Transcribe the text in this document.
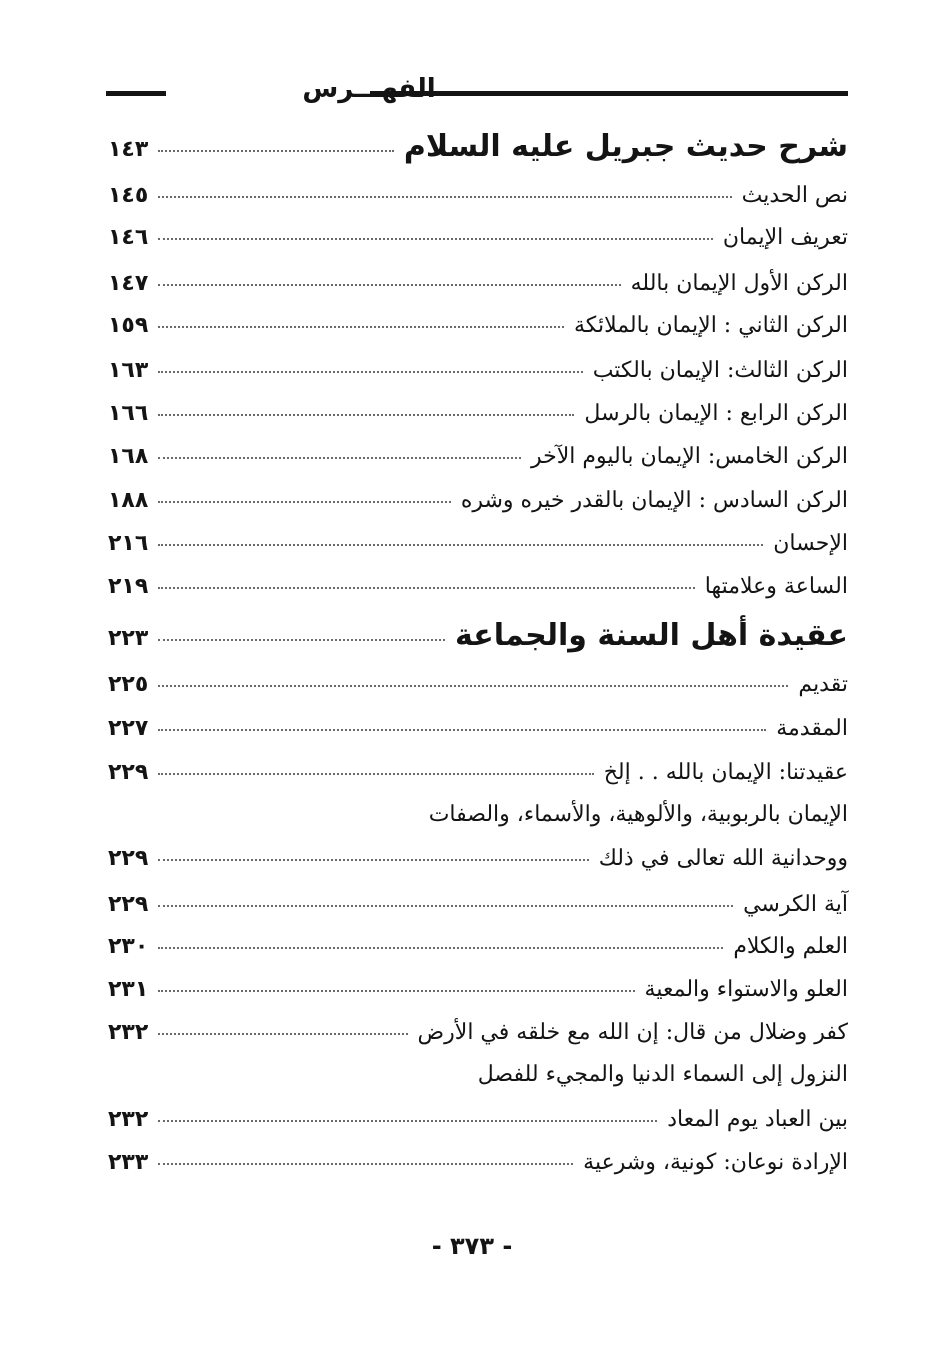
الفهـــرس
شرح حديث جبريل عليه السلام
١٤٣
نص الحديث
١٤٥
تعريف الإيمان
١٤٦
الركن الأول الإيمان بالله
١٤٧
الركن الثاني : الإيمان بالملائكة
١٥٩
الركن الثالث: الإيمان بالكتب
١٦٣
الركن الرابع : الإيمان بالرسل
١٦٦
الركن الخامس: الإيمان باليوم الآخر
١٦٨
الركن السادس : الإيمان بالقدر خيره وشره
١٨٨
الإحسان
٢١٦
الساعة وعلامتها
٢١٩
عقيدة أهل السنة والجماعة
٢٢٣
تقديم
٢٢٥
المقدمة
٢٢٧
عقيدتنا: الإيمان بالله . . إلخ
٢٢٩
الإيمان بالربوبية، والألوهية، والأسماء، والصفات
ووحدانية الله تعالى في ذلك
٢٢٩
آية الكرسي
٢٢٩
العلم والكلام
٢٣٠
العلو والاستواء والمعية
٢٣١
كفر وضلال من قال: إن الله مع خلقه في الأرض
٢٣٢
النزول إلى السماء الدنيا والمجيء للفصل
بين العباد يوم المعاد
٢٣٢
الإرادة نوعان: كونية، وشرعية
٢٣٣
- ٣٧٣ -
